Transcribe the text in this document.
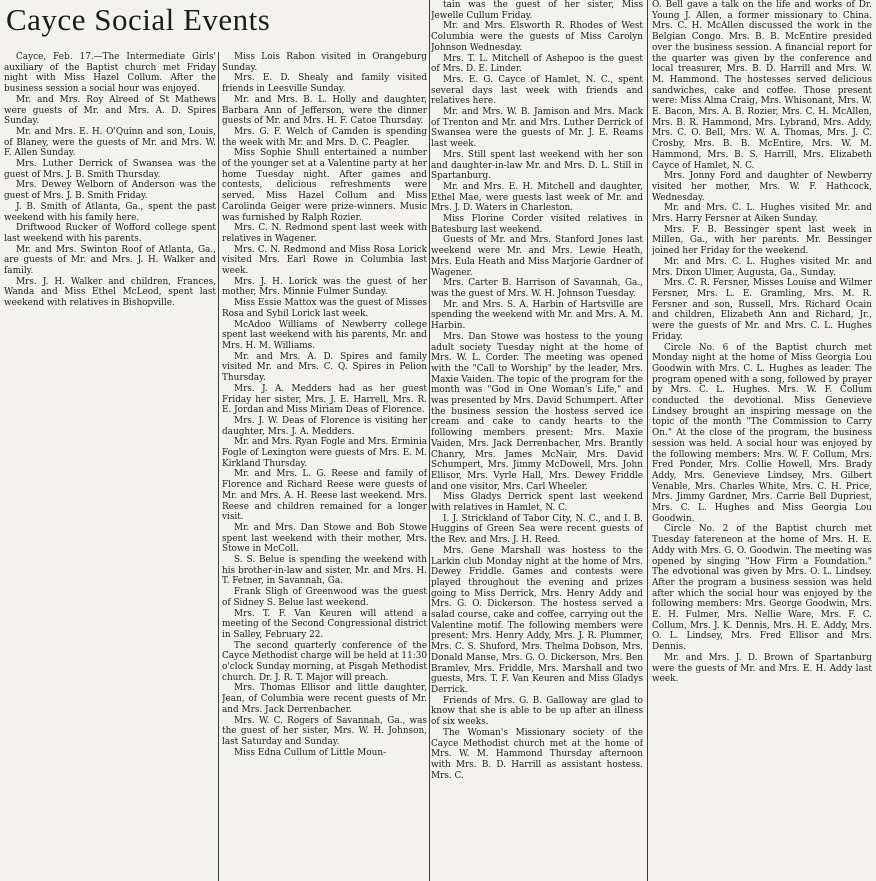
Cayce Social Events

Cayce, Feb. 17.—The Intermediate Girls' auxiliary of the Baptist church met Friday night with Miss Hazel Collum. After the business session a social hour was enjoyed.

Mr. and Mrs. Roy Alreed of St Mathews were guests of Mr. and Mrs. A. D. Spires Sunday.

Mr. and Mrs. E. H. O'Quinn and son, Louis, of Blaney, were the guests of Mr. and Mrs. W. F. Allen Sunday.

Mrs. Luther Derrick of Swansea was the guest of Mrs. J. B. Smith Thursday.

Mrs. Dewey Welborn of Anderson was the guest of Mrs. J. B. Smith Friday.

J. B. Smith of Atlanta, Ga., spent the past weekend with his family here.

Driftwood Rucker of Wofford college spent last weekend with his parents.

Mr. and Mrs. Swinton Roof of Atlanta, Ga., are guests of Mr. and Mrs. J. H. Walker and family.

Mrs. J. H. Walker and children, Frances, Wanda and Miss Ethel McLeod, spent last weekend with relatives in Bishopville.

Miss Lois Rabon visited in Orangeburg Sunday.

Mrs. E. D. Shealy and family visited friends in Leesville Sunday.

Mr. and Mrs. B. L. Holly and daughter, Barbara Ann of Jefferson, were the dinner guests of Mr. and Mrs. H. F. Catoe Thursday.

Mrs. G. F. Welch of Camden is spending the week with Mr. and Mrs. D. C. Peagler.

Miss Sophie Shull entertained a number of the younger set at a Valentine party at her home Tuesday night. After games and contests, delicious refreshments were served. Miss Hazel Collum and Miss Carolinda Geiger were prize-winners. Music was furnished by Ralph Rozier.

Mrs. C. N. Redmond spent last week with relatives in Wagener.

Mrs. C. N. Redmond and Miss Rosa Lorick visited Mrs. Earl Rowe in Columbia last week.

Mrs. J. H. Lorick was the guest of her mother, Mrs. Minnie Fulmer Sunday.

Miss Essie Mattox was the guest of Misses Rosa and Sybil Lorick last week.

McAdoo Williams of Newberry college spent last weekend with his parents, Mr. and Mrs. H. M. Williams.

Mr. and Mrs. A. D. Spires and family visited Mr. and Mrs. C. Q. Spires in Pelion Thursday.

Mrs. J. A. Medders had as her guest Friday her sister, Mrs. J. E. Harrell, Mrs. R. E. Jordan and Miss Miriam Deas of Florence.

Mrs. J. W. Deas of Florence is visiting her daughter, Mrs. J. A. Medders.

Mr. and Mrs. Ryan Fogle and Mrs. Erminia Fogle of Lexington were guests of Mrs. E. M. Kirkland Thursday.

Mr. and Mrs. L. G. Reese and family of Florence and Richard Reese were guests of Mr. and Mrs. A. H. Reese last weekend. Mrs. Reese and children remained for a longer visit.

Mr. and Mrs. Dan Stowe and Bob Stowe spent last weekend with their mother, Mrs. Stowe in McColl.

S. S. Belue is spending the weekend with his brother-in-law and sister, Mr. and Mrs. H. T. Fetner, in Savannah, Ga.

Frank Sligh of Greenwood was the guest of Sidney S. Belue last weekend.

Mrs. T. F. Van Keuren will attend a meeting of the Second Congressional district in Salley, February 22.

The second quarterly conference of the Cayce Methodist charge will be held at 11:30 o'clock Sunday morning, at Pisgah Methodist church. Dr. J. R. T. Major will preach.

Mrs. Thomas Ellisor and little daughter, Jean, of Columbia were recent guests of Mr. and Mrs. Jack Derrenbacher.

Mrs. W. C. Rogers of Savannah, Ga., was the guest of her sister, Mrs. W. H. Johnson, last Saturday and Sunday.

Miss Edna Cullum of Little Moun-

tain was the guest of her sister, Miss Jewelle Cullum Friday.

Mr. and Mrs. Elsworth R. Rhodes of West Columbia were the guests of Miss Carolyn Johnson Wednesday.

Mrs. T. L. Mitchell of Ashepoo is the guest of Mrs. D. E. Linder.

Mrs. E. G. Cayce of Hamlet, N. C., spent several days last week with friends and relatives here.

Mr. and Mrs. W. B. Jamison and Mrs. Mack of Trenton and Mr. and Mrs. Luther Derrick of Swansea were the guests of Mr. J. E. Reams last week.

Mrs. Still spent last weekend with her son and daughter-in-law Mr. and Mrs. D. L. Still in Spartanburg.

Mr. and Mrs. E. H. Mitchell and daughter, Ethel Mae, were guests last week of Mr. and Mrs. J. D. Waters in Charleston.

Miss Florine Corder visited relatives in Batesburg last weekend.

Guests of Mr. and Mrs. Stanford Jones last weekend were Mr. and Mrs. Lewie Heath, Mrs. Eula Heath and Miss Marjorie Gardner of Wagener.

Mrs. Carter B. Harrison of Savannah, Ga., was the guest of Mrs. W. H. Johnson Tuesday.

Mr. and Mrs. S. A. Harbin of Hartsville are spending the weekend with Mr. and Mrs. A. M. Harbin.

Mrs. Dan Stowe was hostess to the young adult society Tuesday night at the home of Mrs. W. L. Corder. The meeting was opened with the "Call to Worship" by the leader, Mrs. Maxie Vaiden. The topic of the program for the month was "God in One Woman's Life," and was presented by Mrs. David Schumpert. After the business session the hostess served ice cream and cake to candy hearts to the following members present: Mrs. Maxie Vaiden, Mrs. Jack Derrenbacher, Mrs. Brantly Chanry, Mrs. James McNair, Mrs. David Schumpert, Mrs. Jimmy McDowell, Mrs. John Ellisor, Mrs. Vyrle Hall, Mrs. Dewey Friddle and one visitor, Mrs. Carl Wheeler.

Miss Gladys Derrick spent last weekend with relatives in Hamlet, N. C.

I. J. Strickland of Tabor City, N. C., and I. B. Huggins of Green Sea were recent guests of the Rev. and Mrs. J. H. Reed.

Mrs. Gene Marshall was hostess to the Larkin club Monday night at the home of Mrs. Dewey Friddle. Games and contests were played throughout the evening and prizes going to Miss Derrick, Mrs. Henry Addy and Mrs. G. O. Dickerson. The hostess served a salad course, cake and coffee, carrying out the Valentine motif. The following members were present: Mrs. Henry Addy, Mrs. J. R. Plummer, Mrs. C. S. Shuford, Mrs. Thelma Dobson, Mrs. Donald Manse, Mrs. G. O. Dickerson, Mrs. Ben Bramlev, Mrs. Friddle, Mrs. Marshall and two guests, Mrs. T. F. Van Keuren and Miss Gladys Derrick.

Friends of Mrs. G. B. Galloway are glad to know that she is able to be up after an illness of six weeks.

The Woman's Missionary society of the Cayce Methodist church met at the home of Mrs. W. M. Hammond Thursday afternoon with Mrs. B. D. Harrill as assistant hostess. Mrs. C.

O. Bell gave a talk on the life and works of Dr. Young J. Allen, a former missionary to China. Mrs. C. H. McAllen discussed the work in the Belgian Congo. Mrs. B. B. McEntire presided over the business session. A financial report for the quarter was given by the conference and local treasurer, Mrs. B. D. Harrill and Mrs. W. M. Hammond. The hostesses served delicious sandwiches, cake and coffee. Those present were: Miss Alma Craig, Mrs. Whisonant, Mrs. W. E. Bacon, Mrs. A. B. Rozier, Mrs. C. H. McAllen, Mrs. B. R. Hammond, Mrs. Lybrand, Mrs. Addy, Mrs. C. O. Bell, Mrs. W. A. Thomas, Mrs. J. C. Crosby, Mrs. B. B. McEntire, Mrs. W. M. Hammond, Mrs. B. S. Harrill, Mrs. Elizabeth Cayce of Hamlet, N. C.

Mrs. Jonny Ford and daughter of Newberry visited her mother, Mrs. W. F. Hathcock, Wednesday.

Mr. and Mrs. C. L. Hughes visited Mr. and Mrs. Harry Fersner at Aiken Sunday.

Mrs. F. B. Bessinger spent last week in Millen, Ga., with her parents. Mr. Bessinger joined her Friday for the weekend.

Mr. and Mrs. C. L. Hughes visited Mr. and Mrs. Dixon Ulmer, Augusta, Ga., Sunday.

Mrs. C. R. Fersner, Misses Louise and Wilmer Fersner, Mrs. L. E. Gramling, Mrs. M. R. Fersner and son, Russell, Mrs. Richard Ocain and children, Elizabeth Ann and Richard, Jr., were the guests of Mr. and Mrs. C. L. Hughes Friday.

Circle No. 6 of the Baptist church met Monday night at the home of Miss Georgia Lou Goodwin with Mrs. C. L. Hughes as leader. The program opened with a song, followed by prayer by Mrs. C. L. Hughes. Mrs. W. F. Collum conducted the devotional. Miss Genevieve Lindsey brought an inspiring message on the topic of the month "The Commission to Carry On." At the close of the program, the business session was held. A social hour was enjoyed by the following members: Mrs. W. F. Collum, Mrs. Fred Ponder, Mrs. Collie Howell, Mrs. Brady Addy, Mrs. Genevieve Lindsey, Mrs. Gilbert Venable, Mrs. Charles White, Mrs. C. H. Price, Mrs. Jimmy Gardner, Mrs. Carrie Bell Dupriest, Mrs. C. L. Hughes and Miss Georgia Lou Goodwin.

Circle No. 2 of the Baptist church met Tuesday fatereneon at the home of Mrs. H. E. Addy with Mrs. G. O. Goodwin. The meeting was opened by singing "How Firm a Foundation." The edvotional was given by Mrs. O. L. Lindsey. After the program a business session was held after which the social hour was enjoyed by the following members: Mrs. George Goodwin, Mrs. E. H. Fulmer, Mrs. Nellie Ware, Mrs. F. C. Collum, Mrs. J. K. Dennis, Mrs. H. E. Addy, Mrs. O. L. Lindsey, Mrs. Fred Ellisor and Mrs. Dennis.

Mr. and Mrs. J. D. Brown of Spartanburg were the guests of Mr. and Mrs. E. H. Addy last week.
